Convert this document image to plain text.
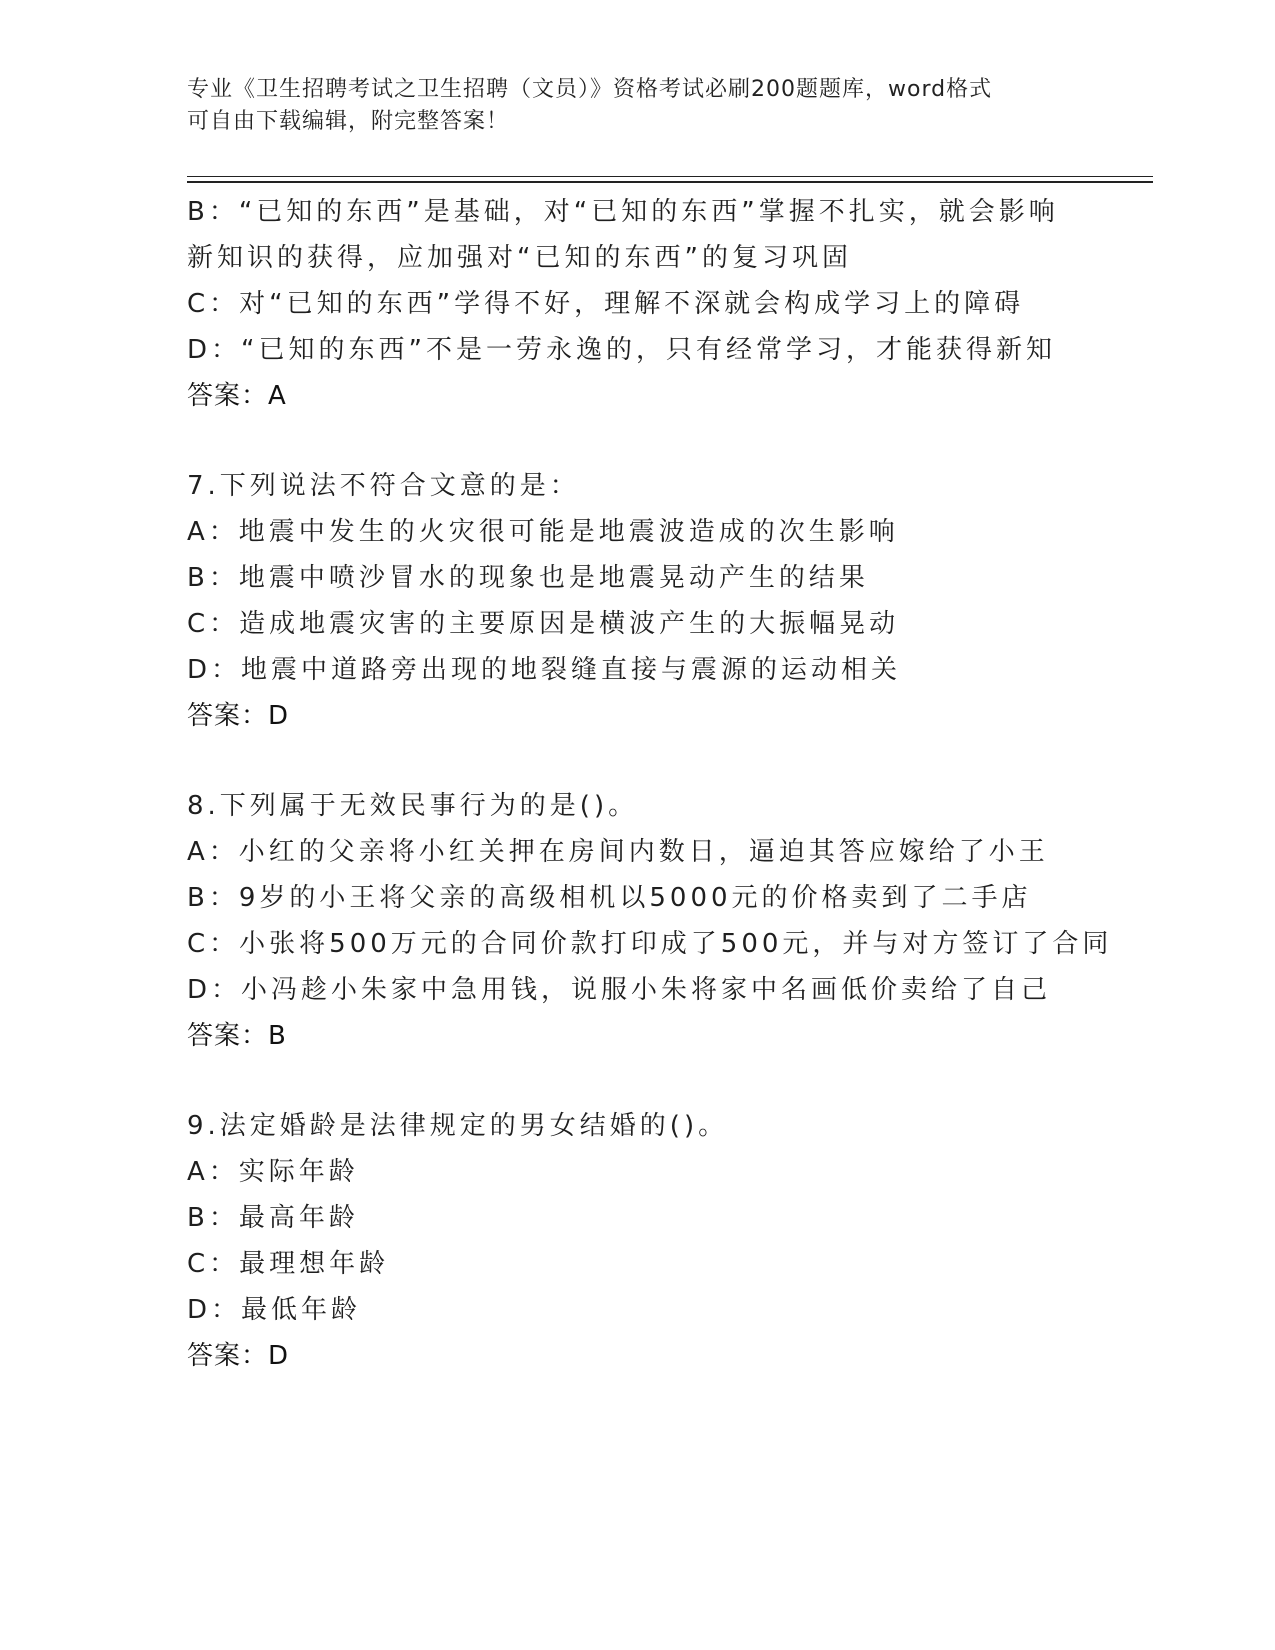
专业《卫生招聘考试之卫生招聘（文员）》资格考试必刷200题题库，word格式
可自由下载编辑，附完整答案！
B：“已知的东西”是基础，对“已知的东西”掌握不扎实，就会影响
新知识的获得，应加强对“已知的东西”的复习巩固
C：对“已知的东西”学得不好，理解不深就会构成学习上的障碍
D：“已知的东西”不是一劳永逸的，只有经常学习，才能获得新知
答案：A
7.下列说法不符合文意的是：
A：地震中发生的火灾很可能是地震波造成的次生影响
B：地震中喷沙冒水的现象也是地震晃动产生的结果
C：造成地震灾害的主要原因是横波产生的大振幅晃动
D：地震中道路旁出现的地裂缝直接与震源的运动相关
答案：D
8.下列属于无效民事行为的是()。
A：小红的父亲将小红关押在房间内数日，逼迫其答应嫁给了小王
B：9岁的小王将父亲的高级相机以5000元的价格卖到了二手店
C：小张将500万元的合同价款打印成了500元，并与对方签订了合同
D：小冯趁小朱家中急用钱，说服小朱将家中名画低价卖给了自己
答案：B
9.法定婚龄是法律规定的男女结婚的()。
A：实际年龄
B：最高年龄
C：最理想年龄
D：最低年龄
答案：D
